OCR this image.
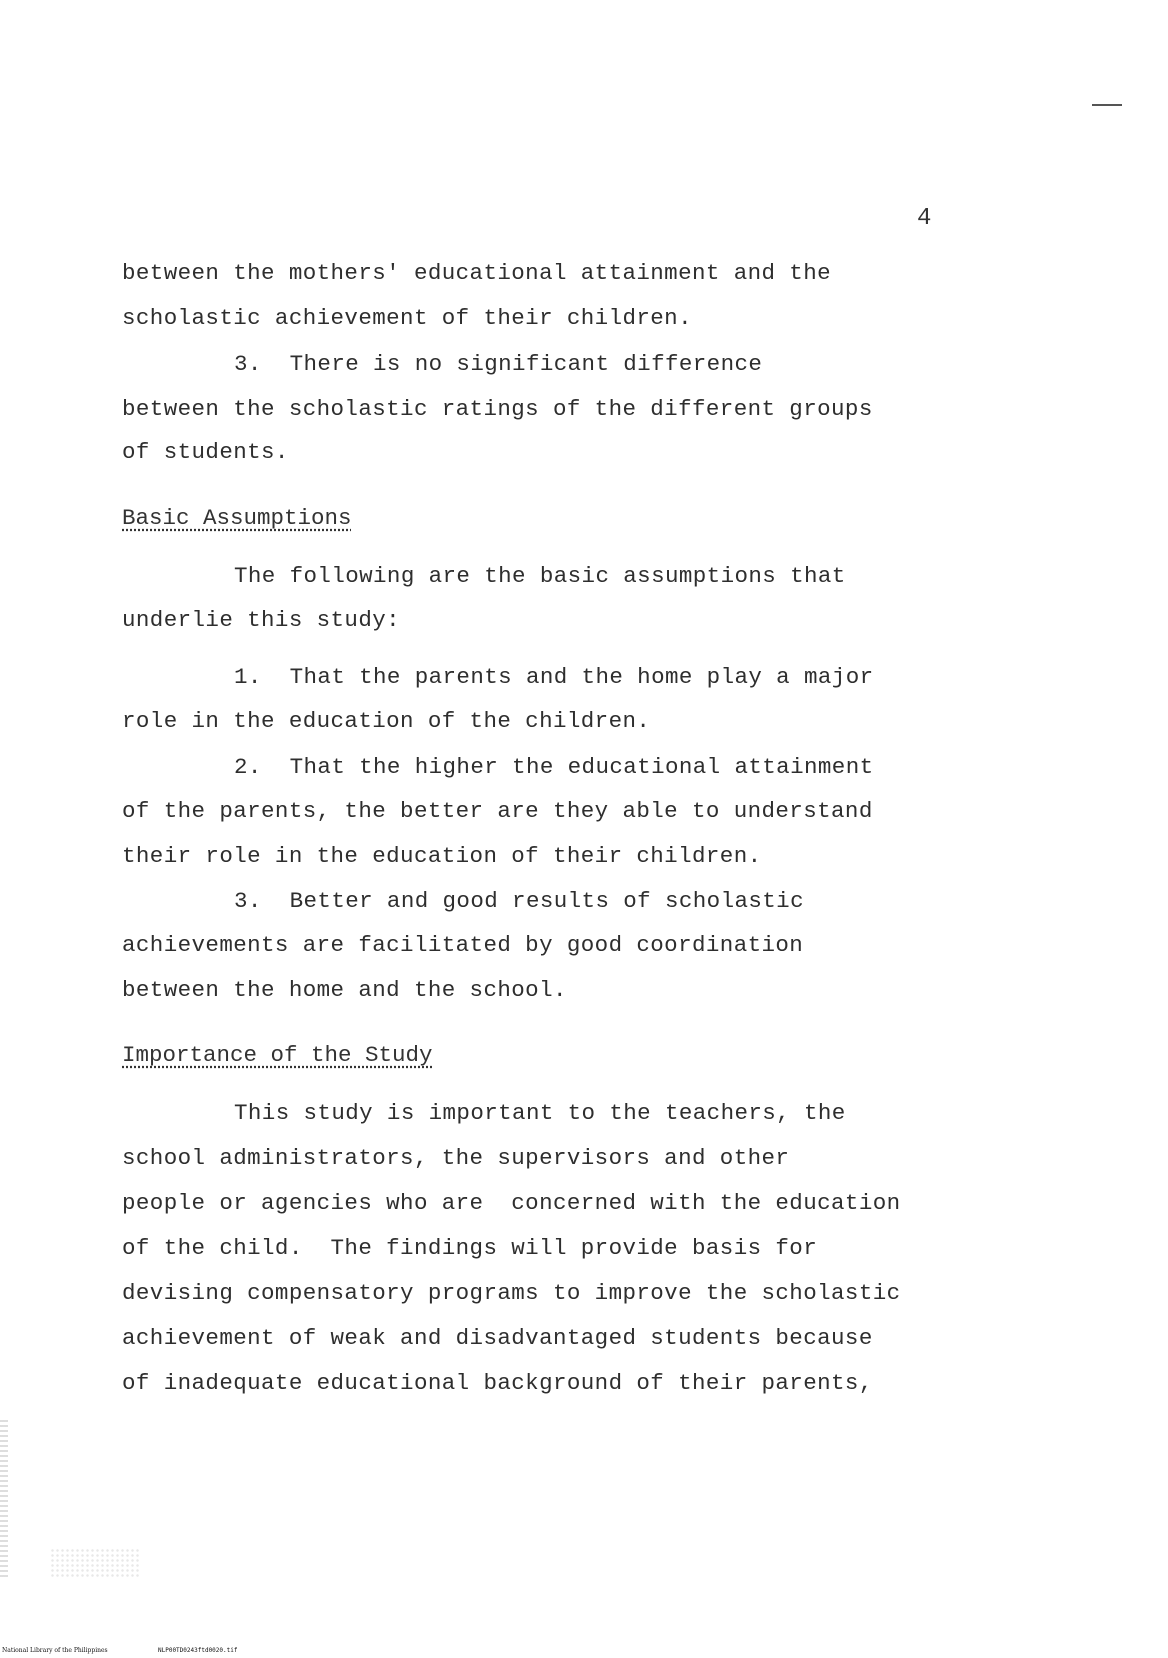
4
between the mothers' educational attainment and the
scholastic achievement of their children.
3.  There is no significant difference
between the scholastic ratings of the different groups
of students.
Basic Assumptions
The following are the basic assumptions that
underlie this study:
1.  That the parents and the home play a major
role in the education of the children.
2.  That the higher the educational attainment
of the parents, the better are they able to understand
their role in the education of their children.
3.  Better and good results of scholastic
achievements are facilitated by good coordination
between the home and the school.
Importance of the Study
This study is important to the teachers, the
school administrators, the supervisors and other
people or agencies who are  concerned with the education
of the child.  The findings will provide basis for
devising compensatory programs to improve the scholastic
achievement of weak and disadvantaged students because
of inadequate educational background of their parents,
National Library of the Philippines	NLP00TD0243ftd0020.tif
